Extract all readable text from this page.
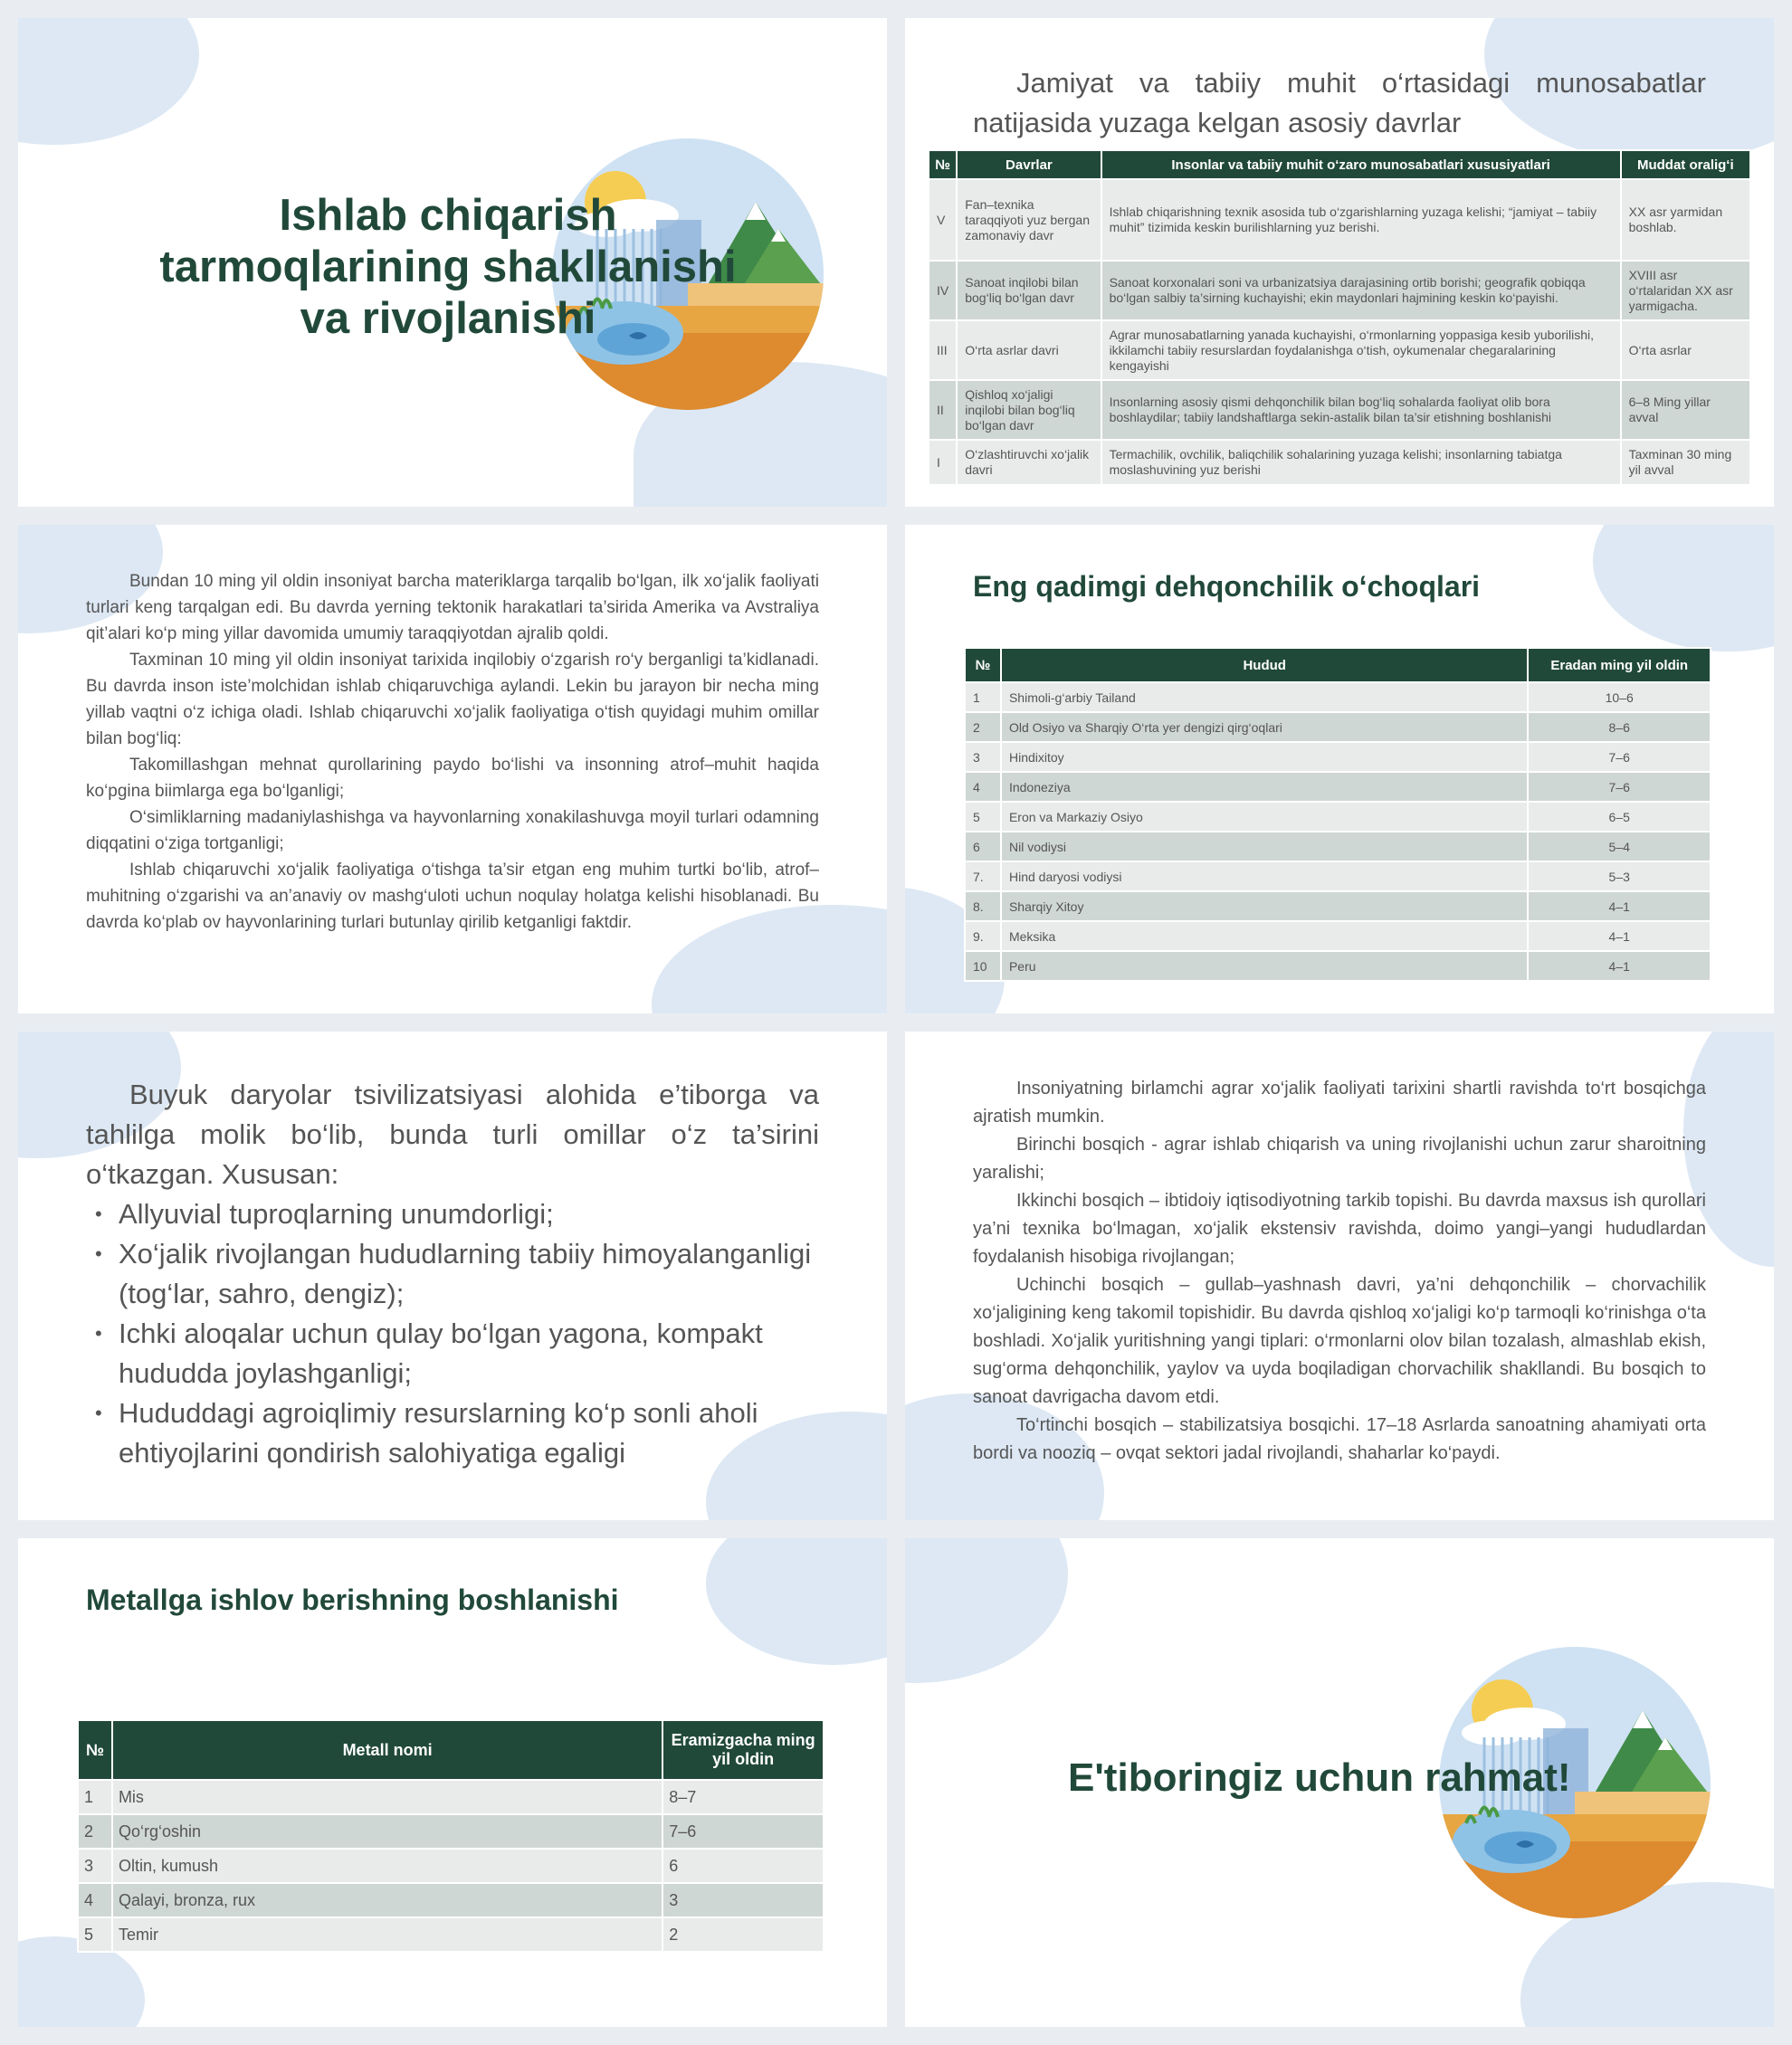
Ishlab chiqarish
tarmoqlarining shakllanishi
va rivojlanishi
Jamiyat va tabiiy muhit o‘rtasidagi munosabatlar natijasida yuzaga kelgan asosiy davrlar
№	Davrlar	Insonlar va tabiiy muhit o‘zaro munosabatlari xususiyatlari	Muddat oralig‘i
V	Fan–texnika taraqqiyoti yuz bergan zamonaviy davr	Ishlab chiqarishning texnik asosida tub o‘zgarishlarning yuzaga kelishi; “jamiyat – tabiiy muhit” tizimida keskin burilishlarning yuz berishi.	XX asr yarmidan boshlab.
IV	Sanoat inqilobi bilan bog‘liq bo‘lgan davr	Sanoat korxonalari soni va urbanizatsiya darajasining ortib borishi; geografik qobiqqa bo‘lgan salbiy ta’sirning kuchayishi; ekin maydonlari hajmining keskin ko‘payishi.	XVIII asr o‘rtalaridan XX asr yarmigacha.
III	O‘rta asrlar davri	Agrar munosabatlarning yanada kuchayishi, o‘rmonlarning yoppasiga kesib yuborilishi, ikkilamchi tabiiy resurslardan foydalanishga o‘tish, oykumenalar chegaralarining kengayishi	O‘rta asrlar
II	Qishloq xo‘jaligi inqilobi bilan bog‘liq bo‘lgan davr	Insonlarning asosiy qismi dehqonchilik bilan bog‘liq sohalarda faoliyat olib bora boshlaydilar; tabiiy landshaftlarga sekin-astalik bilan ta’sir etishning boshlanishi	6–8 Ming yillar avval
I	O‘zlashtiruvchi xo‘jalik davri	Termachilik, ovchilik, baliqchilik sohalarining yuzaga kelishi; insonlarning tabiatga moslashuvining yuz berishi	Taxminan 30 ming yil avval

Bundan 10 ming yil oldin insoniyat barcha materiklarga tarqalib bo‘lgan, ilk xo‘jalik faoliyati turlari keng tarqalgan edi. Bu davrda yerning tektonik harakatlari ta’sirida Amerika va Avstraliya qit’alari ko‘p ming yillar davomida umumiy taraqqiyotdan ajralib qoldi.

Taxminan 10 ming yil oldin insoniyat tarixida inqilobiy o‘zgarish ro‘y berganligi ta’kidlanadi. Bu davrda inson iste’molchidan ishlab chiqaruvchiga aylandi. Lekin bu jarayon bir necha ming yillab vaqtni o‘z ichiga oladi. Ishlab chiqaruvchi xo‘jalik faoliyatiga o‘tish quyidagi muhim omillar bilan bog‘liq:

Takomillashgan mehnat qurollarining paydo bo‘lishi va insonning atrof–muhit haqida ko‘pgina biimlarga ega bo‘lganligi;

O‘simliklarning madaniylashishga va hayvonlarning xonakilashuvga moyil turlari odamning diqqatini o‘ziga tortganligi;

Ishlab chiqaruvchi xo‘jalik faoliyatiga o‘tishga ta’sir etgan eng muhim turtki bo‘lib, atrof–muhitning o‘zgarishi va an’anaviy ov mashg‘uloti uchun noqulay holatga kelishi hisoblanadi. Bu davrda ko‘plab ov hayvonlarining turlari butunlay qirilib ketganligi faktdir.

Eng qadimgi dehqonchilik o‘choqlari
№	Hudud	Eradan ming yil oldin
1	Shimoli-g‘arbiy Tailand	10–6
2	Old Osiyo va Sharqiy O‘rta yer dengizi qirg‘oqlari	8–6
3	Hindixitoy	7–6
4	Indoneziya	7–6
5	Eron va Markaziy Osiyo	6–5
6	Nil vodiysi	5–4
7.	Hind daryosi vodiysi	5–3
8.	Sharqiy Xitoy	4–1
9.	Meksika	4–1
10	Peru	4–1

Buyuk daryolar tsivilizatsiyasi alohida e’tiborga va tahlilga molik bo‘lib, bunda turli omillar o‘z ta’sirini o‘tkazgan. Xususan:

• Allyuvial tuproqlarning unumdorligi;
• Xo‘jalik rivojlangan hududlarning tabiiy himoyalanganligi (tog‘lar, sahro, dengiz);
• Ichki aloqalar uchun qulay bo‘lgan yagona, kompakt hududda joylashganligi;
• Hududdagi agroiqlimiy resurslarning ko‘p sonli aholi ehtiyojlarini qondirish salohiyatiga egaligi

Insoniyatning birlamchi agrar xo‘jalik faoliyati tarixini shartli ravishda to‘rt bosqichga ajratish mumkin.

Birinchi bosqich - agrar ishlab chiqarish va uning rivojlanishi uchun zarur sharoitning yaralishi;

Ikkinchi bosqich – ibtidoiy iqtisodiyotning tarkib topishi. Bu davrda maxsus ish qurollari ya’ni texnika bo‘lmagan, xo‘jalik ekstensiv ravishda, doimo yangi–yangi hududlardan foydalanish hisobiga rivojlangan;

Uchinchi bosqich – gullab–yashnash davri, ya’ni dehqonchilik – chorvachilik xo‘jaligining keng takomil topishidir. Bu davrda qishloq xo‘jaligi ko‘p tarmoqli ko‘rinishga o‘ta boshladi. Xo‘jalik yuritishning yangi tiplari: o‘rmonlarni olov bilan tozalash, almashlab ekish, sug‘orma dehqonchilik, yaylov va uyda boqiladigan chorvachilik shakllandi. Bu bosqich to sanoat davrigacha davom etdi.

To‘rtinchi bosqich – stabilizatsiya bosqichi. 17–18 Asrlarda sanoatning ahamiyati orta bordi va nooziq – ovqat sektori jadal rivojlandi, shaharlar ko‘paydi.

Metallga ishlov berishning boshlanishi
№	Metall nomi	Eramizgacha ming yil oldin
1	Mis	8–7
2	Qo‘rg‘oshin	7–6
3	Oltin, kumush	6
4	Qalayi, bronza, rux	3
5	Temir	2
E'tiboringiz uchun rahmat!
